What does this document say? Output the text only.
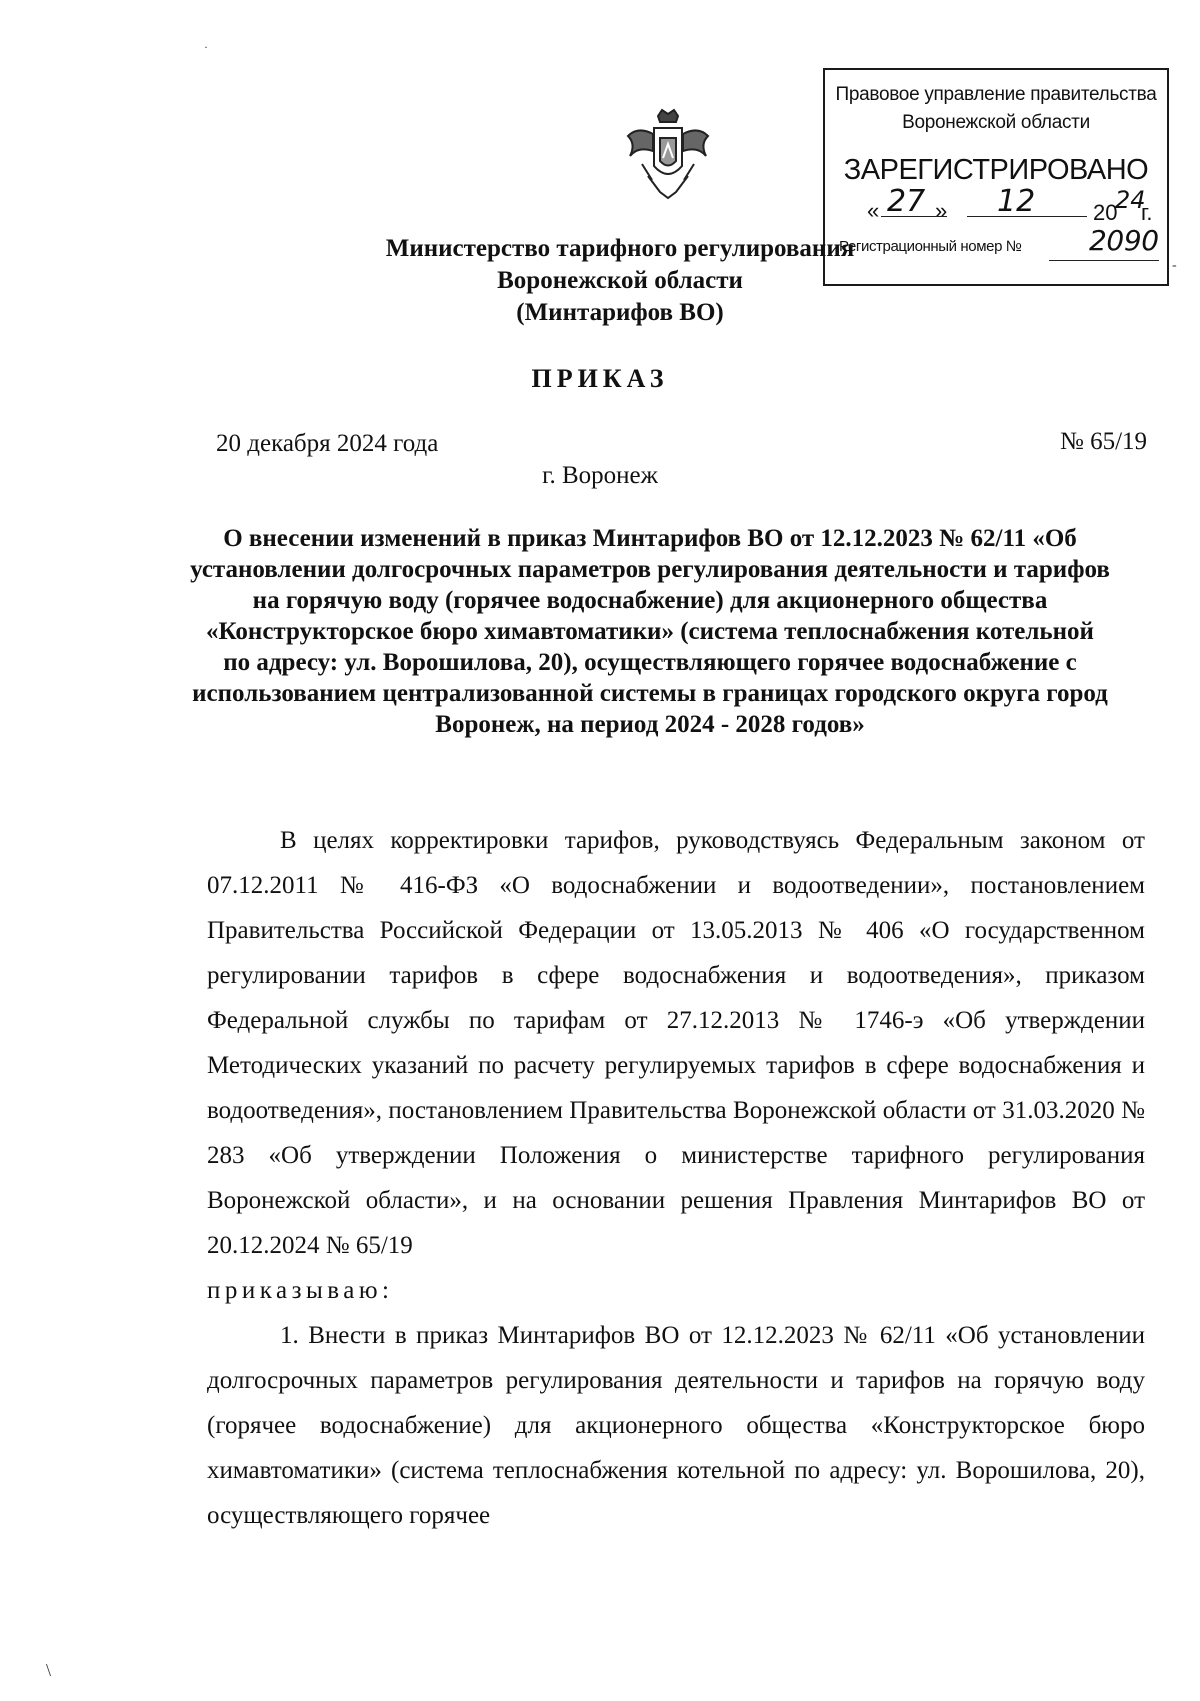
·
\
-
Правовое управление правительства
Воронежской области
ЗАРЕГИСТРИРОВАНО
« 27 » 12	20
24
г.
Регистрационный номер № 2090
Министерство тарифного регулирования
Воронежской области
(Минтарифов ВО)
ПРИКАЗ
20 декабря 2024 года	№ 65/19
г. Воронеж
О внесении изменений в приказ Минтарифов ВО от 12.12.2023 № 62/11 «Об установлении долгосрочных параметров регулирования деятельности и тарифов на горячую воду (горячее водоснабжение) для акционерного общества «Конструкторское бюро химавтоматики» (система теплоснабжения котельной по адресу: ул. Ворошилова, 20), осуществляющего горячее водоснабжение с использованием централизованной системы в границах городского округа город Воронеж, на период 2024 - 2028 годов»

В целях корректировки тарифов, руководствуясь Федеральным законом от 07.12.2011 № 416-ФЗ «О водоснабжении и водоотведении», постановлением Правительства Российской Федерации от 13.05.2013 № 406 «О государственном регулировании тарифов в сфере водоснабжения и водоотведения», приказом Федеральной службы по тарифам от 27.12.2013 № 1746-э «Об утверждении Методических указаний по расчету регулируемых тарифов в сфере водоснабжения и водоотведения», постановлением Правительства Воронежской области от 31.03.2020 № 283 «Об утверждении Положения о министерстве тарифного регулирования Воронежской области», и на основании решения Правления Минтарифов ВО от 20.12.2024 № 65/19

приказываю:

1. Внести в приказ Минтарифов ВО от 12.12.2023 № 62/11 «Об установлении долгосрочных параметров регулирования деятельности и тарифов на горячую воду (горячее водоснабжение) для акционерного общества «Конструкторское бюро химавтоматики» (система теплоснабжения котельной по адресу: ул. Ворошилова, 20), осуществляющего горячее
